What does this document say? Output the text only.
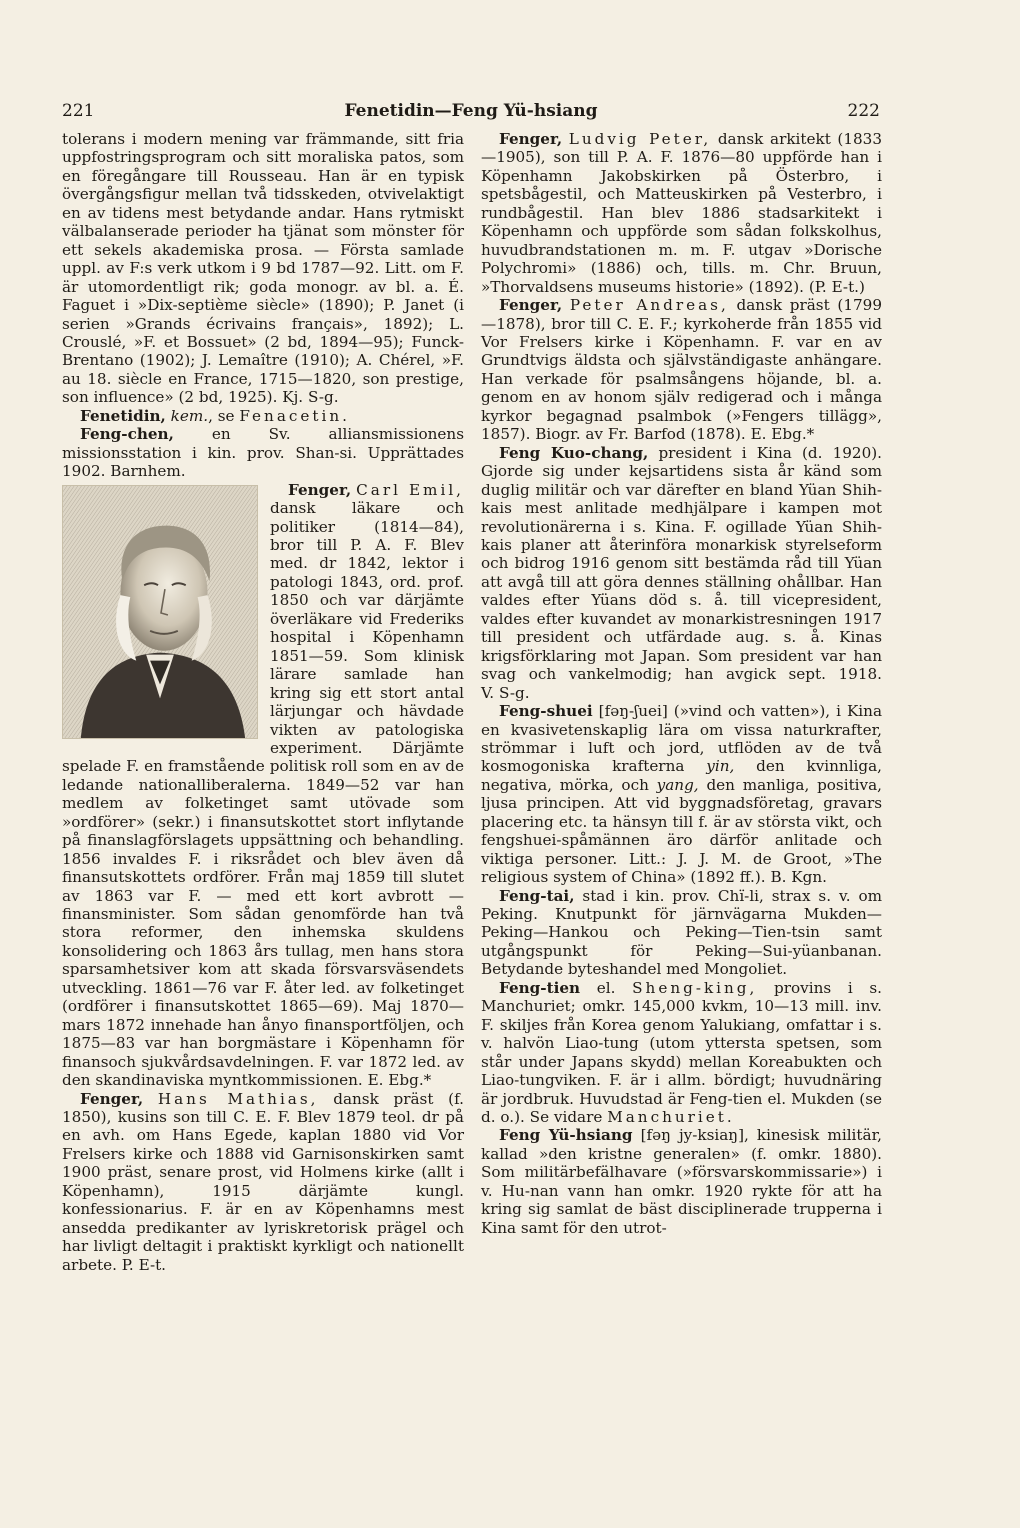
221	Fenetidin—Feng Yü-hsiang	222

tolerans i modern mening var främmande, sitt fria uppfostringsprogram och sitt moraliska patos, som en föregångare till Rousseau. Han är en typisk övergångsfigur mellan två tidsskeden, otvivelaktigt en av tidens mest betydande andar. Hans rytmiskt välbalanserade perioder ha tjänat som mönster för ett sekels akademiska prosa. — Första samlade uppl. av F:s verk utkom i 9 bd 1787—92. Litt. om F. är utomordentligt rik; goda monogr. av bl. a. É. Faguet i »Dix-septième siècle» (1890); P. Janet (i serien »Grands écrivains français», 1892); L. Crouslé, »F. et Bossuet» (2 bd, 1894—95); Funck-Brentano (1902); J. Lemaître (1910); A. Chérel, »F. au 18. siècle en France, 1715—1820, son prestige, son influence» (2 bd, 1925). Kj. S-g.

Fenetidin, kem., se Fenacetin.

Feng-chen, en Sv. alliansmissionens missionsstation i kin. prov. Shan-si. Upprättades 1902. Barnhem.

Fenger, Carl Emil,
dansk läkare och politiker (1814—84), bror till P. A. F. Blev med. dr 1842, lektor i patologi 1843, ord. prof. 1850 och var därjämte överläkare vid Frederiks hospital i Köpenhamn 1851—59. Som klinisk lärare samlade han kring sig ett stort antal lärjungar och hävdade vikten av patologiska experiment. Därjämte spelade F. en framstående politisk roll som en av de ledande nationalliberalerna. 1849—52 var han medlem av folketinget samt utövade som »ordförer» (sekr.) i finansutskottet stort inflytande på finanslagförslagets uppsättning och behandling. 1856 invaldes F. i riksrådet och blev även då finansutskottets ordförer. Från maj 1859 till slutet av 1863 var F. — med ett kort avbrott — finansminister. Som sådan genomförde han två stora reformer, den inhemska skuldens konsolidering och 1863 års tullag, men hans stora sparsamhetsiver kom att skada försvarsväsendets utveckling. 1861—76 var F. åter led. av folketinget (ordförer i finansutskottet 1865—69). Maj 1870—mars 1872 innehade han ånyo finansportföljen, och 1875—83 var han borgmästare i Köpenhamn för finansoch sjukvårdsavdelningen. F. var 1872 led. av den skandinaviska myntkommissionen. E. Ebg.*

Fenger, Hans Mathias, dansk präst (f. 1850), kusins son till C. E. F. Blev 1879 teol. dr på en avh. om Hans Egede, kaplan 1880 vid Vor Frelsers kirke och 1888 vid Garnisonskirken samt 1900 präst, senare prost, vid Holmens kirke (allt i Köpenhamn), 1915 därjämte kungl. konfessionarius. F. är en av Köpenhamns mest ansedda predikanter av lyriskretorisk prägel och har livligt deltagit i praktiskt kyrkligt och nationellt arbete. P. E-t.

Fenger, Ludvig Peter, dansk arkitekt (1833—1905), son till P. A. F. 1876—80 uppförde han i Köpenhamn Jakobskirken på Österbro, i spetsbågestil, och Matteuskirken på Vesterbro, i rundbågestil. Han blev 1886 stadsarkitekt i Köpenhamn och uppförde som sådan folkskolhus, huvudbrandstationen m. m. F. utgav »Dorische Polychromi» (1886) och, tills. m. Chr. Bruun, »Thorvaldsens museums historie» (1892). (P. E-t.)

Fenger, Peter Andreas, dansk präst (1799—1878), bror till C. E. F.; kyrkoherde från 1855 vid Vor Frelsers kirke i Köpenhamn. F. var en av Grundtvigs äldsta och självständigaste anhängare. Han verkade för psalmsångens höjande, bl. a. genom en av honom själv redigerad och i många kyrkor begagnad psalmbok (»Fengers tillägg», 1857). Biogr. av Fr. Barfod (1878). E. Ebg.*

Feng Kuo-chang, president i Kina (d. 1920). Gjorde sig under kejsartidens sista år känd som duglig militär och var därefter en bland Yüan Shih-kais mest anlitade medhjälpare i kampen mot revolutionärerna i s. Kina. F. ogillade Yüan Shih-kais planer att återinföra monarkisk styrelseform och bidrog 1916 genom sitt bestämda råd till Yüan att avgå till att göra dennes ställning ohållbar. Han valdes efter Yüans död s. å. till vicepresident, valdes efter kuvandet av monarkistresningen 1917 till president och utfärdade aug. s. å. Kinas krigsförklaring mot Japan. Som president var han svag och vankelmodig; han avgick sept. 1918. V. S-g.

Feng-shuei [fəŋ-ʃuei] (»vind och vatten»), i Kina en kvasivetenskaplig lära om vissa naturkrafter, strömmar i luft och jord, utflöden av de två kosmogoniska krafterna yin, den kvinnliga, negativa, mörka, och yang, den manliga, positiva, ljusa principen. Att vid byggnadsföretag, gravars placering etc. ta hänsyn till f. är av största vikt, och fengshuei-spåmännen äro därför anlitade och viktiga personer. Litt.: J. J. M. de Groot, »The religious system of China» (1892 ff.). B. Kgn.

Feng-tai, stad i kin. prov. Chï-li, strax s. v. om Peking. Knutpunkt för järnvägarna Mukden—Peking—Hankou och Peking—Tien-tsin samt utgångspunkt för Peking—Sui-yüanbanan. Betydande byteshandel med Mongoliet.

Feng-tien el. Sheng-king, provins i s. Manchuriet; omkr. 145,000 kvkm, 10—13 mill. inv. F. skiljes från Korea genom Yalukiang, omfattar i s. v. halvön Liao-tung (utom yttersta spetsen, som står under Japans skydd) mellan Koreabukten och Liao-tungviken. F. är i allm. bördigt; huvudnäring är jordbruk. Huvudstad är Feng-tien el. Mukden (se d. o.). Se vidare Manchuriet.

Feng Yü-hsiang [fəŋ jy-ksiaŋ], kinesisk militär, kallad »den kristne generalen» (f. omkr. 1880). Som militärbefälhavare (»försvarskommissarie») i v. Hu-nan vann han omkr. 1920 rykte för att ha kring sig samlat de bäst disciplinerade trupperna i Kina samt för den utrot-
